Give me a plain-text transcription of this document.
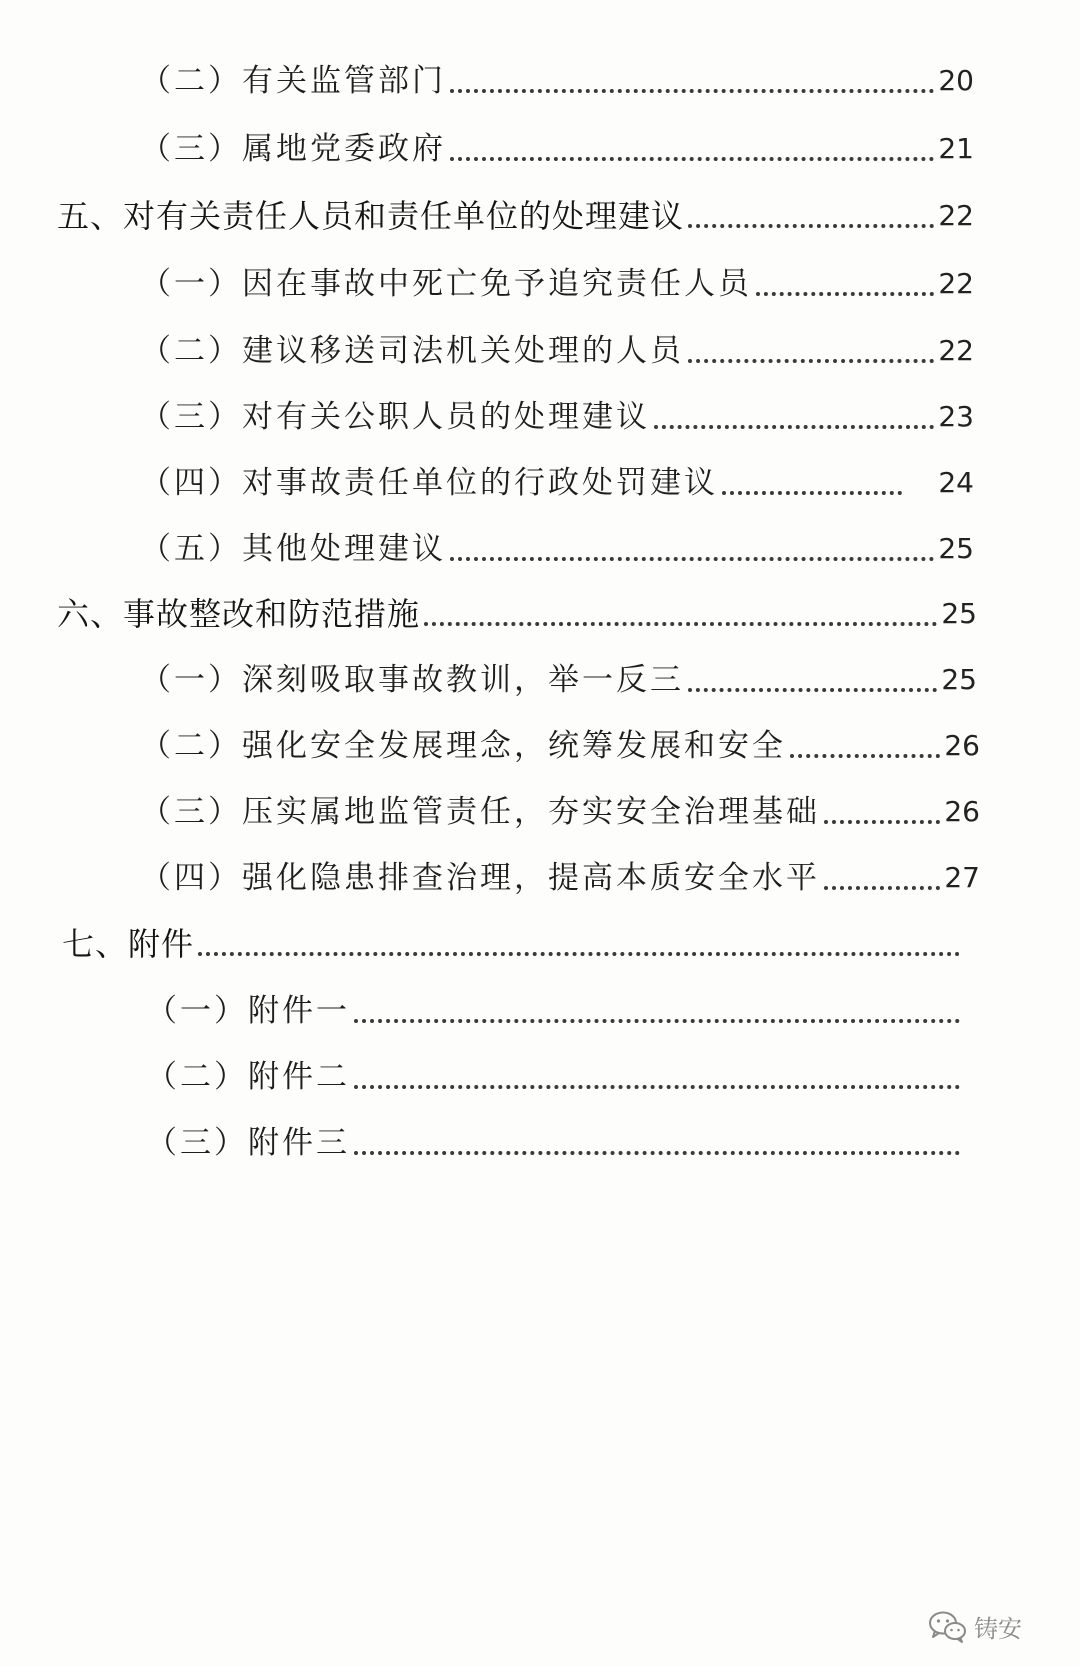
（二）有关监管部门	20
（三）属地党委政府	21
五、对有关责任人员和责任单位的处理建议	22
（一）因在事故中死亡免予追究责任人员	22
（二）建议移送司法机关处理的人员	22
（三）对有关公职人员的处理建议	23
（四）对事故责任单位的行政处罚建议	24
（五）其他处理建议	25
六、事故整改和防范措施	25
（一）深刻吸取事故教训，举一反三	25
（二）强化安全发展理念，统筹发展和安全	26
（三）压实属地监管责任，夯实安全治理基础	26
（四）强化隐患排查治理，提高本质安全水平	27
七、附件
（一）附件一
（二）附件二
（三）附件三
铸安
